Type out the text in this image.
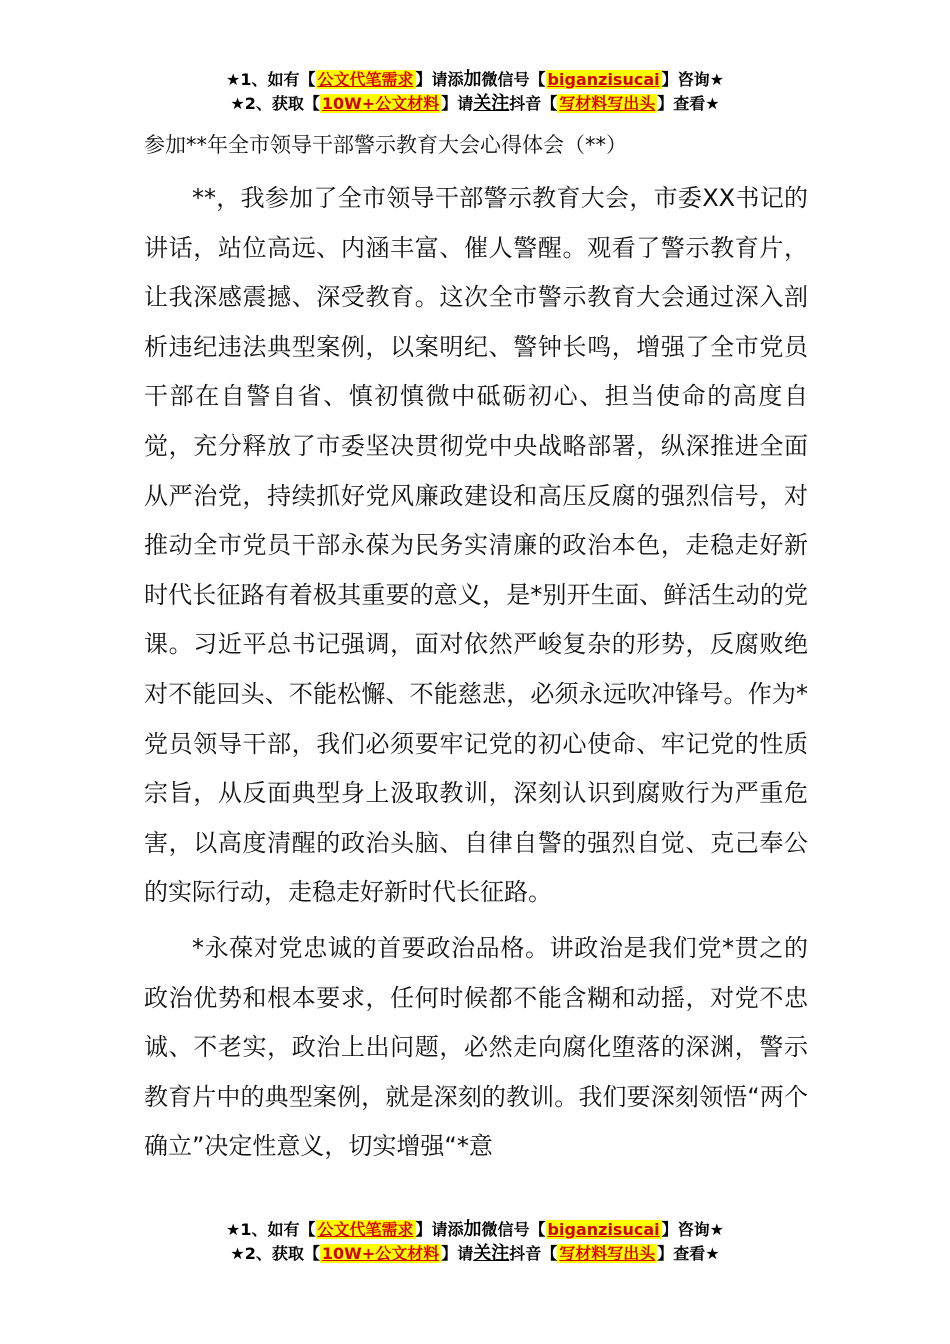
★1、如有【 公文代笔需求 】请添加微信号【 biganzisucai 】咨询★
★2、获取【 10W+公文材料 】请关注抖音【 写材料写出头 】查看★
参加**年全市领导干部警示教育大会心得体会（**）

**，我参加了全市领导干部警示教育大会，市委XX书记的讲话，站位高远、内涵丰富、催人警醒。观看了警示教育片，让我深感震撼、深受教育。这次全市警示教育大会通过深入剖析违纪违法典型案例，以案明纪、警钟长鸣，增强了全市党员干部在自警自省、慎初慎微中砥砺初心、担当使命的高度自觉，充分释放了市委坚决贯彻党中央战略部署，纵深推进全面从严治党，持续抓好党风廉政建设和高压反腐的强烈信号，对推动全市党员干部永葆为民务实清廉的政治本色，走稳走好新时代长征路有着极其重要的意义，是*别开生面、鲜活生动的党课。习近平总书记强调，面对依然严峻复杂的形势，反腐败绝对不能回头、不能松懈、不能慈悲，必须永远吹冲锋号。作为*党员领导干部，我们必须要牢记党的初心使命、牢记党的性质宗旨，从反面典型身上汲取教训，深刻认识到腐败行为严重危害，以高度清醒的政治头脑、自律自警的强烈自觉、克己奉公的实际行动，走稳走好新时代长征路。

*永葆对党忠诚的首要政治品格。讲政治是我们党*贯之的政治优势和根本要求，任何时候都不能含糊和动摇，对党不忠诚、不老实，政治上出问题，必然走向腐化堕落的深渊，警示教育片中的典型案例，就是深刻的教训。我们要深刻领悟“两个确立”决定性意义，切实增强“*意

★1、如有【 公文代笔需求 】请添加微信号【 biganzisucai 】咨询★
★2、获取【 10W+公文材料 】请关注抖音【 写材料写出头 】查看★
